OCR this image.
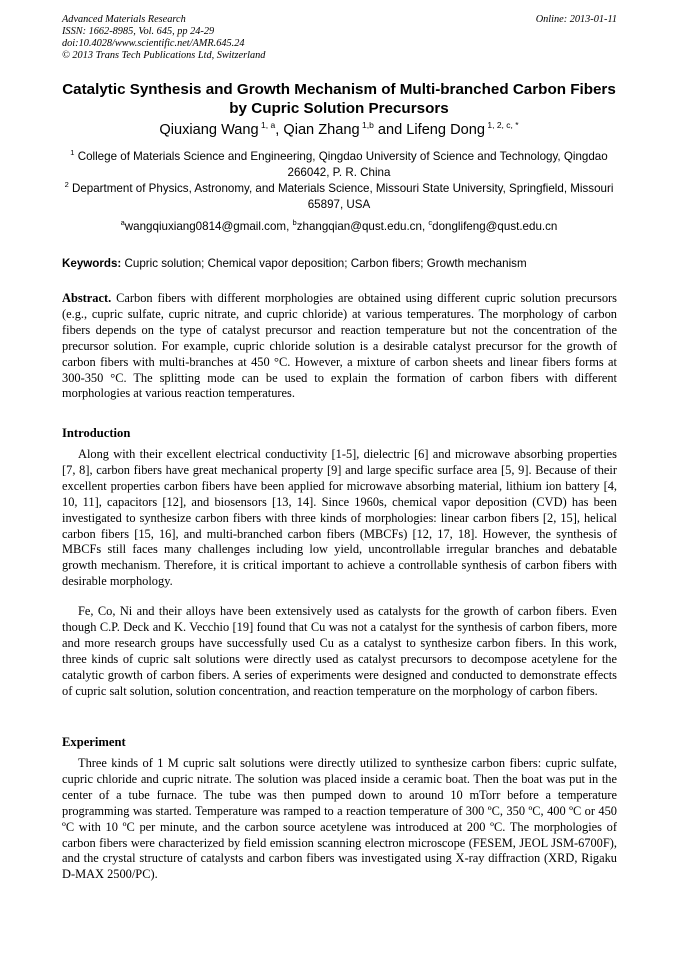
Advanced Materials Research
ISSN: 1662-8985, Vol. 645, pp 24-29
doi:10.4028/www.scientific.net/AMR.645.24
© 2013 Trans Tech Publications Ltd, Switzerland
Online: 2013-01-11
Catalytic Synthesis and Growth Mechanism of Multi-branched Carbon Fibers by Cupric Solution Precursors
Qiuxiang Wang $^{1, a}$, Qian Zhang $^{1,b}$ and Lifeng Dong $^{1, 2, c, *}$
$^1$ College of Materials Science and Engineering, Qingdao University of Science and Technology, Qingdao 266042, P. R. China
$^2$ Department of Physics, Astronomy, and Materials Science, Missouri State University, Springfield, Missouri 65897, USA
$^a$wangqiuxiang0814@gmail.com, $^b$zhangqian@qust.edu.cn, $^c$donglifeng@qust.edu.cn
Keywords: Cupric solution; Chemical vapor deposition; Carbon fibers; Growth mechanism
Abstract. Carbon fibers with different morphologies are obtained using different cupric solution precursors (e.g., cupric sulfate, cupric nitrate, and cupric chloride) at various temperatures. The morphology of carbon fibers depends on the type of catalyst precursor and reaction temperature but not the concentration of the precursor solution. For example, cupric chloride solution is a desirable catalyst precursor for the growth of carbon fibers with multi-branches at 450 °C. However, a mixture of carbon sheets and linear fibers forms at 300-350 °C. The splitting mode can be used to explain the formation of carbon fibers with different morphologies at various reaction temperatures.
Introduction
Along with their excellent electrical conductivity [1-5], dielectric [6] and microwave absorbing properties [7, 8], carbon fibers have great mechanical property [9] and large specific surface area [5, 9]. Because of their excellent properties carbon fibers have been applied for microwave absorbing material, lithium ion battery [4, 10, 11], capacitors [12], and biosensors [13, 14]. Since 1960s, chemical vapor deposition (CVD) has been investigated to synthesize carbon fibers with three kinds of morphologies: linear carbon fibers [2, 15], helical carbon fibers [15, 16], and multi-branched carbon fibers (MBCFs) [12, 17, 18]. However, the synthesis of MBCFs still faces many challenges including low yield, uncontrollable irregular branches and debatable growth mechanism. Therefore, it is critical important to achieve a controllable synthesis of carbon fibers with desirable morphology.
Fe, Co, Ni and their alloys have been extensively used as catalysts for the growth of carbon fibers. Even though C.P. Deck and K. Vecchio [19] found that Cu was not a catalyst for the synthesis of carbon fibers, more and more research groups have successfully used Cu as a catalyst to synthesize carbon fibers. In this work, three kinds of cupric salt solutions were directly used as catalyst precursors to decompose acetylene for the catalytic growth of carbon fibers. A series of experiments were designed and conducted to demonstrate effects of cupric salt solution, solution concentration, and reaction temperature on the morphology of carbon fibers.
Experiment
Three kinds of 1 M cupric salt solutions were directly utilized to synthesize carbon fibers: cupric sulfate, cupric chloride and cupric nitrate. The solution was placed inside a ceramic boat. Then the boat was put in the center of a tube furnace. The tube was then pumped down to around 10 mTorr before a temperature programming was started. Temperature was ramped to a reaction temperature of 300 ºC, 350 ºC, 400 ºC or 450 ºC with 10 ºC per minute, and the carbon source acetylene was introduced at 200 ºC. The morphologies of carbon fibers were characterized by field emission scanning electron microscope (FESEM, JEOL JSM-6700F), and the crystal structure of catalysts and carbon fibers was investigated using X-ray diffraction (XRD, Rigaku D-MAX 2500/PC).
